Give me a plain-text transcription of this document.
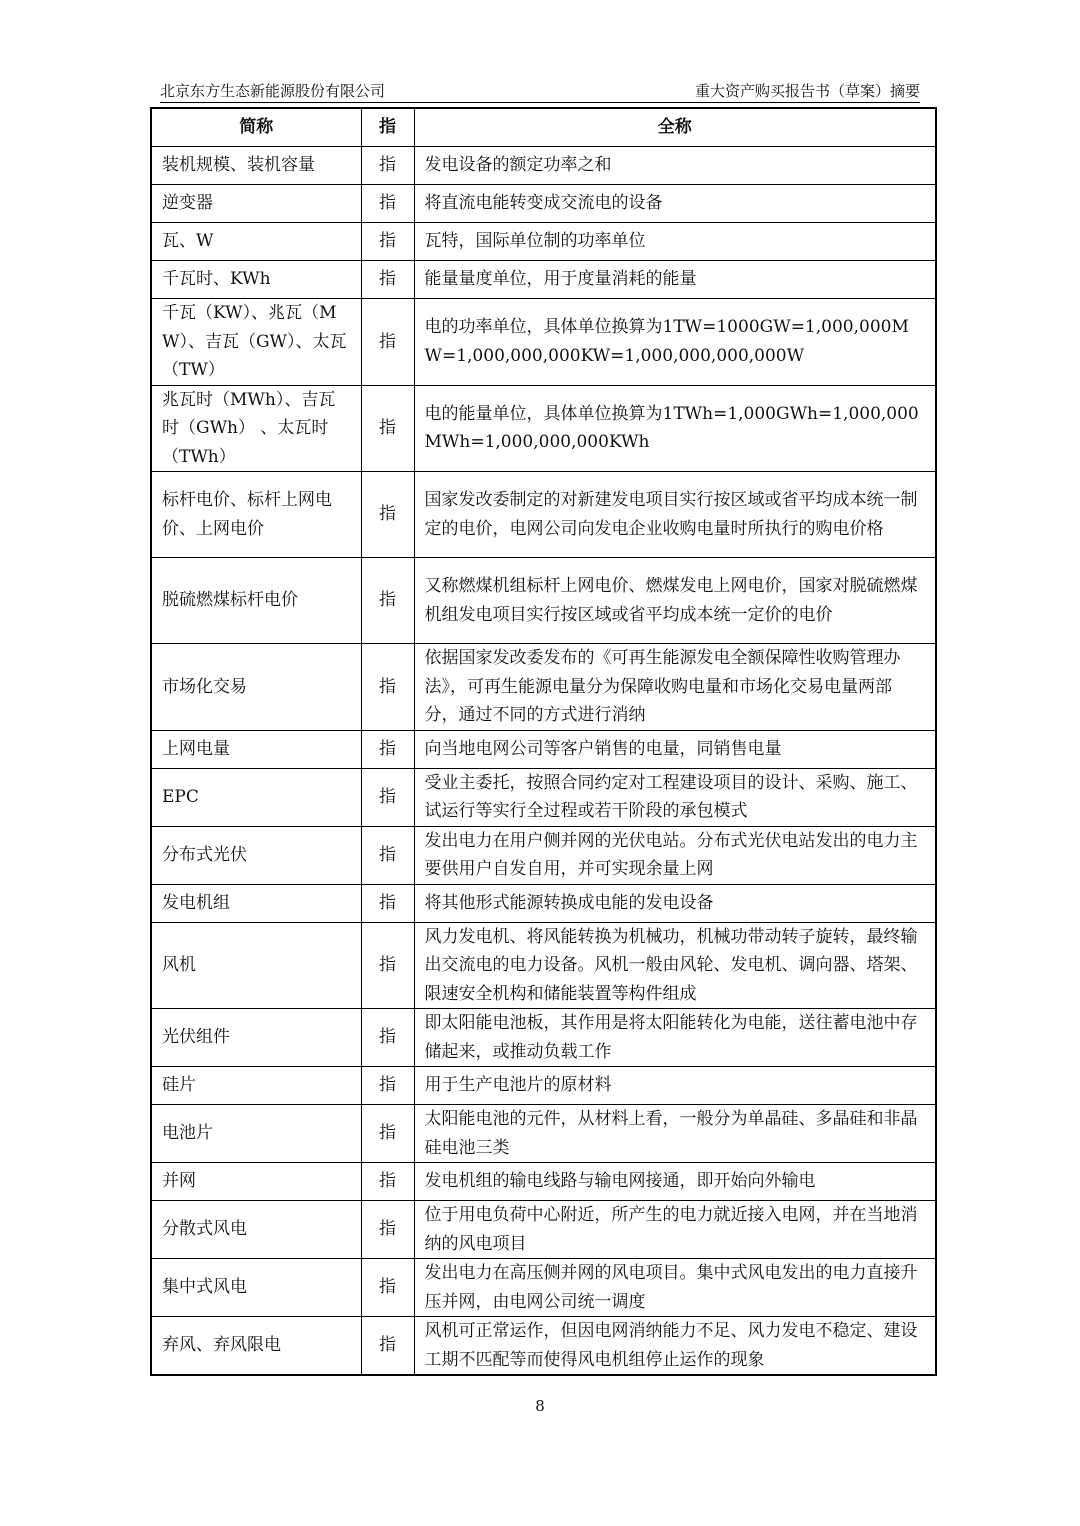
北京东方生态新能源股份有限公司	重大资产购买报告书（草案）摘要
简称	指	全称
装机规模、装机容量	指	发电设备的额定功率之和
逆变器	指	将直流电能转变成交流电的设备
瓦、W	指	瓦特，国际单位制的功率单位
千瓦时、KWh	指	能量量度单位，用于度量消耗的能量
千瓦（KW）、兆瓦（MW）、吉瓦（GW）、太瓦（TW）	指	电的功率单位，具体单位换算为1TW=1000GW=1,000,000MW=1,000,000,000KW=1,000,000,000,000W
兆瓦时（MWh）、吉瓦时（GWh） 、太瓦时（TWh）	指	电的能量单位，具体单位换算为1TWh=1,000GWh=1,000,000MWh=1,000,000,000KWh
标杆电价、标杆上网电价、上网电价	指	国家发改委制定的对新建发电项目实行按区域或省平均成本统一制定的电价，电网公司向发电企业收购电量时所执行的购电价格
脱硫燃煤标杆电价	指	又称燃煤机组标杆上网电价、燃煤发电上网电价，国家对脱硫燃煤机组发电项目实行按区域或省平均成本统一定价的电价
市场化交易	指	依据国家发改委发布的《可再生能源发电全额保障性收购管理办法》，可再生能源电量分为保障收购电量和市场化交易电量两部分，通过不同的方式进行消纳
上网电量	指	向当地电网公司等客户销售的电量，同销售电量
EPC	指	受业主委托，按照合同约定对工程建设项目的设计、采购、施工、试运行等实行全过程或若干阶段的承包模式
分布式光伏	指	发出电力在用户侧并网的光伏电站。分布式光伏电站发出的电力主要供用户自发自用，并可实现余量上网
发电机组	指	将其他形式能源转换成电能的发电设备
风机	指	风力发电机、将风能转换为机械功，机械功带动转子旋转，最终输出交流电的电力设备。风机一般由风轮、发电机、调向器、塔架、限速安全机构和储能装置等构件组成
光伏组件	指	即太阳能电池板，其作用是将太阳能转化为电能，送往蓄电池中存储起来，或推动负载工作
硅片	指	用于生产电池片的原材料
电池片	指	太阳能电池的元件，从材料上看，一般分为单晶硅、多晶硅和非晶硅电池三类
并网	指	发电机组的输电线路与输电网接通，即开始向外输电
分散式风电	指	位于用电负荷中心附近，所产生的电力就近接入电网，并在当地消纳的风电项目
集中式风电	指	发出电力在高压侧并网的风电项目。集中式风电发出的电力直接升压并网，由电网公司统一调度
弃风、弃风限电	指	风机可正常运作，但因电网消纳能力不足、风力发电不稳定、建设工期不匹配等而使得风电机组停止运作的现象
8
